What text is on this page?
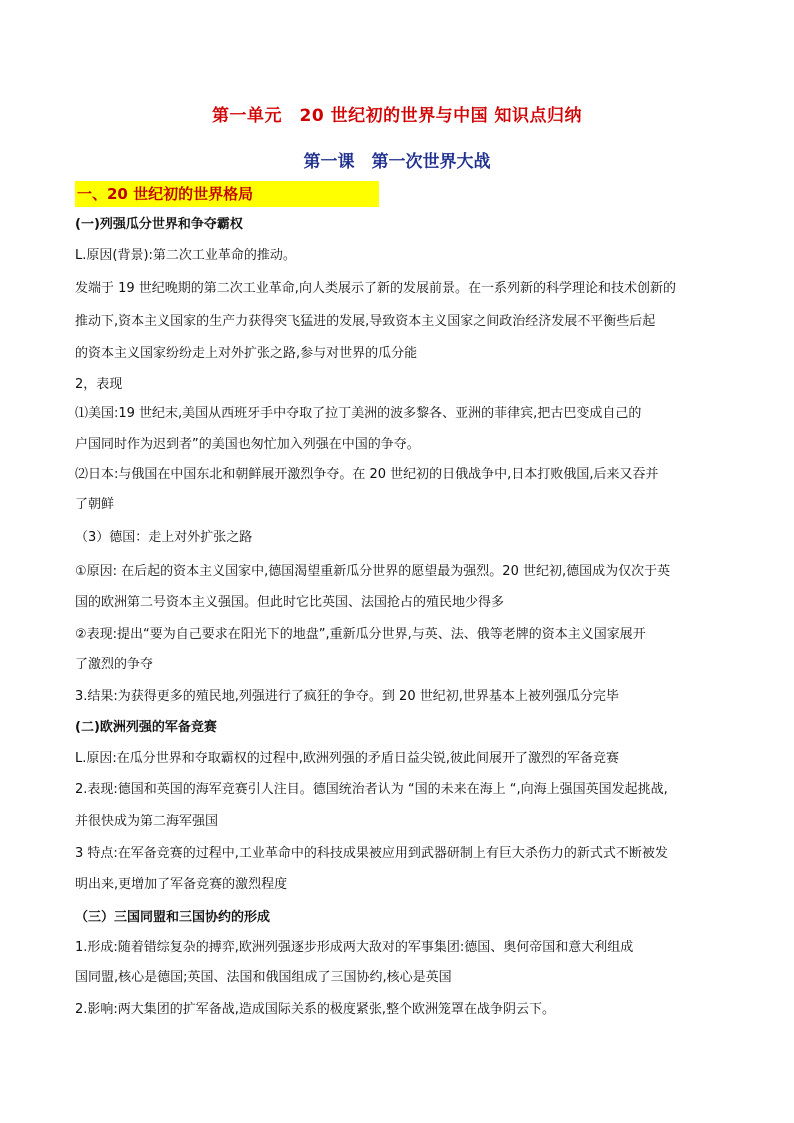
第一单元　20 世纪初的世界与中国 知识点归纳
第一课　第一次世界大战
一、20 世纪初的世界格局
(一)列强瓜分世界和争夺霸权
L.原因(背景):第二次工业革命的推动。
发端于 19 世纪晚期的第二次工业革命,向人类展示了新的发展前景。在一系列新的科学理论和技术创新的
推动下,资本主义国家的生产力获得突飞猛进的发展,导致资本主义国家之间政治经济发展不平衡些后起
的资本主义国家纷纷走上对外扩张之路,参与对世界的瓜分能
2，表现
⑴美国:19 世纪末,美国从西班牙手中夺取了拉丁美洲的波多黎各、亚洲的菲律宾,把古巴变成自己的
户国同时作为迟到者”的美国也匆忙加入列强在中国的争夺。
⑵日本:与俄国在中国东北和朝鲜展开激烈争夺。在 20 世纪初的日俄战争中,日本打败俄国,后来又吞并
了朝鲜
（3）德国：走上对外扩张之路
①原因: 在后起的资本主义国家中,德国渴望重新瓜分世界的愿望最为强烈。20 世纪初,德国成为仅次于英
国的欧洲第二号资本主义强国。但此时它比英国、法国抢占的殖民地少得多
②表现:提出“要为自己要求在阳光下的地盘”,重新瓜分世界,与英、法、俄等老牌的资本主义国家展开
了激烈的争夺
3.结果:为获得更多的殖民地,列强进行了疯狂的争夺。到 20 世纪初,世界基本上被列强瓜分完毕
(二)欧洲列强的军备竞赛
L.原因:在瓜分世界和夺取霸权的过程中,欧洲列强的矛盾日益尖锐,彼此间展开了激烈的军备竞赛
2.表现:德国和英国的海军竞赛引人注目。德国统治者认为 “国的未来在海上 “,向海上强国英国发起挑战,
并很快成为第二海军强国
3 特点:在军备竞赛的过程中,工业革命中的科技成果被应用到武器研制上有巨大杀伤力的新式式不断被发
明出来,更增加了军备竞赛的激烈程度
（三）三国同盟和三国协约的形成
1.形成:随着错综复杂的搏弈,欧洲列强逐步形成两大敌对的军事集团:德国、奥何帝国和意大利组成
国同盟,核心是德国;英国、法国和俄国组成了三国协约,核心是英国
2.影响:两大集团的扩军备战,造成国际关系的极度紧张,整个欧洲笼罩在战争阴云下。
